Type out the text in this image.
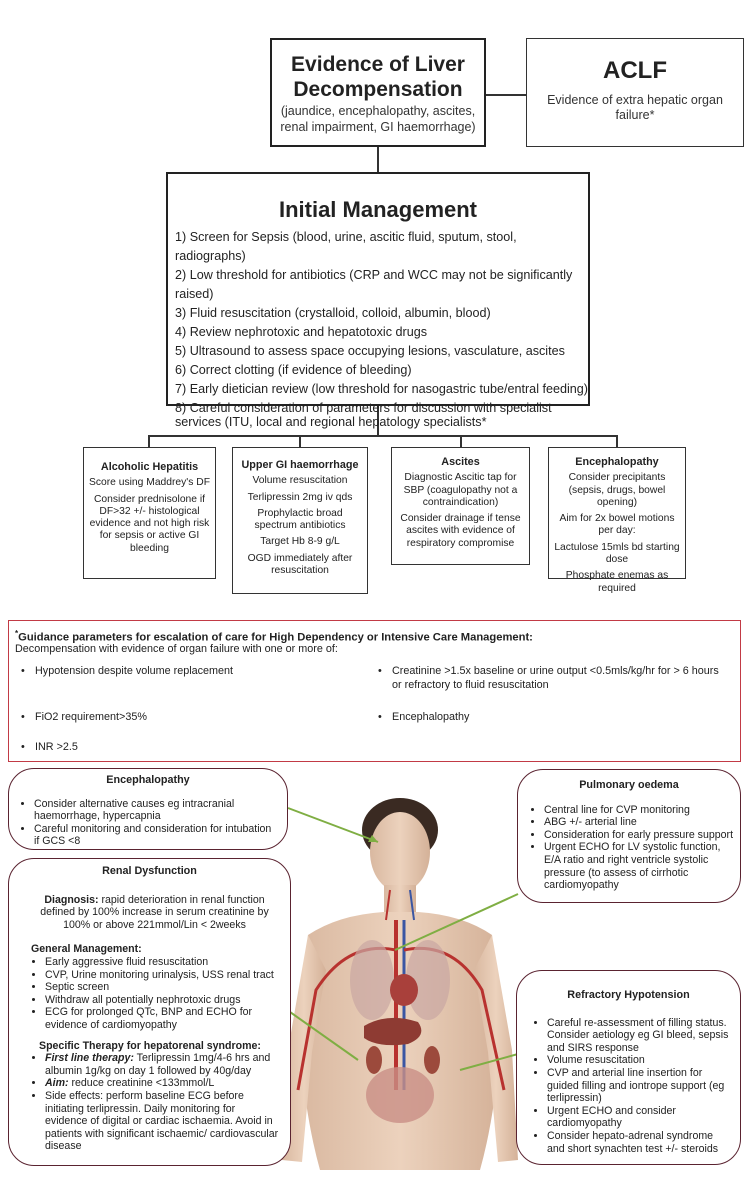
Evidence of Liver Decompensation
(jaundice, encephalopathy, ascites, renal impairment, GI haemorrhage)
ACLF
Evidence of extra hepatic organ failure*
Initial Management
1) Screen for Sepsis (blood, urine, ascitic fluid, sputum, stool, radiographs)
2) Low threshold for antibiotics (CRP and WCC may not be significantly raised)
3) Fluid resuscitation (crystalloid, colloid, albumin, blood)
4) Review nephrotoxic and hepatotoxic drugs
5) Ultrasound to assess space occupying lesions, vasculature, ascites
6) Correct clotting (if evidence of bleeding)
7) Early dietician review (low threshold for nasogastric tube/entral feeding)
8) Careful consideration of parameters for discussion with specialist services (ITU, local and regional hepatology specialists*
Alcoholic Hepatitis

Score using Maddrey's DF

Consider prednisolone if DF>32 +/- histological evidence and not high risk for sepsis or active GI bleeding

Upper GI haemorrhage

Volume resuscitation

Terlipressin 2mg iv qds

Prophylactic broad spectrum antibiotics

Target Hb 8-9 g/L

OGD immediately after resuscitation

Ascites

Diagnostic Ascitic tap for SBP (coagulopathy not a contraindication)

Consider drainage if tense ascites with evidence of respiratory compromise

Encephalopathy

Consider precipitants (sepsis, drugs, bowel opening)

Aim for 2x bowel motions per day:

Lactulose 15mls bd starting dose

Phosphate enemas as required

*Guidance parameters for escalation of care for High Dependency or Intensive Care Management:
Decompensation with evidence of organ failure with one or more of:
• Hypotension despite volume replacement
• FiO2 requirement>35%
• INR >2.5
• Creatinine >1.5x baseline or urine output <0.5mls/kg/hr for > 6 hours or refractory to fluid resuscitation
• Encephalopathy
Encephalopathy
• Consider alternative causes eg intracranial haemorrhage, hypercapnia
• Careful monitoring and consideration for intubation if GCS <8
Pulmonary oedema
• Central line for CVP monitoring
• ABG +/- arterial line
• Consideration for early pressure support
• Urgent ECHO for LV systolic function, E/A ratio and right ventricle systolic pressure (to assess of cirrhotic cardiomyopathy
Renal Dysfunction
Diagnosis: rapid deterioration in renal function defined by 100% increase in serum creatinine by 100% or above 221mmol/Lin < 2weeks
General Management:
• Early aggressive fluid resuscitation
• CVP, Urine monitoring urinalysis, USS renal tract
• Septic screen
• Withdraw all potentially nephrotoxic drugs
• ECG for prolonged QTc, BNP and ECHO for evidence of cardiomyopathy
Specific Therapy for hepatorenal syndrome:
• First line therapy: Terlipressin 1mg/4-6 hrs and albumin 1g/kg on day 1 followed by 40g/day
• Aim: reduce creatinine <133mmol/L
• Side effects: perform baseline ECG before initiating terlipressin. Daily monitoring for evidence of digital or cardiac ischaemia. Avoid in patients with significant ischaemic/ cardiovascular disease
Refractory Hypotension
• Careful re-assessment of filling status. Consider aetiology eg GI bleed, sepsis and SIRS response
• Volume resuscitation
• CVP and arterial line insertion for guided filling and iontrope support (eg terlipressin)
• Urgent ECHO and consider cardiomyopathy
• Consider hepato-adrenal syndrome and short synachten test +/- steroids
